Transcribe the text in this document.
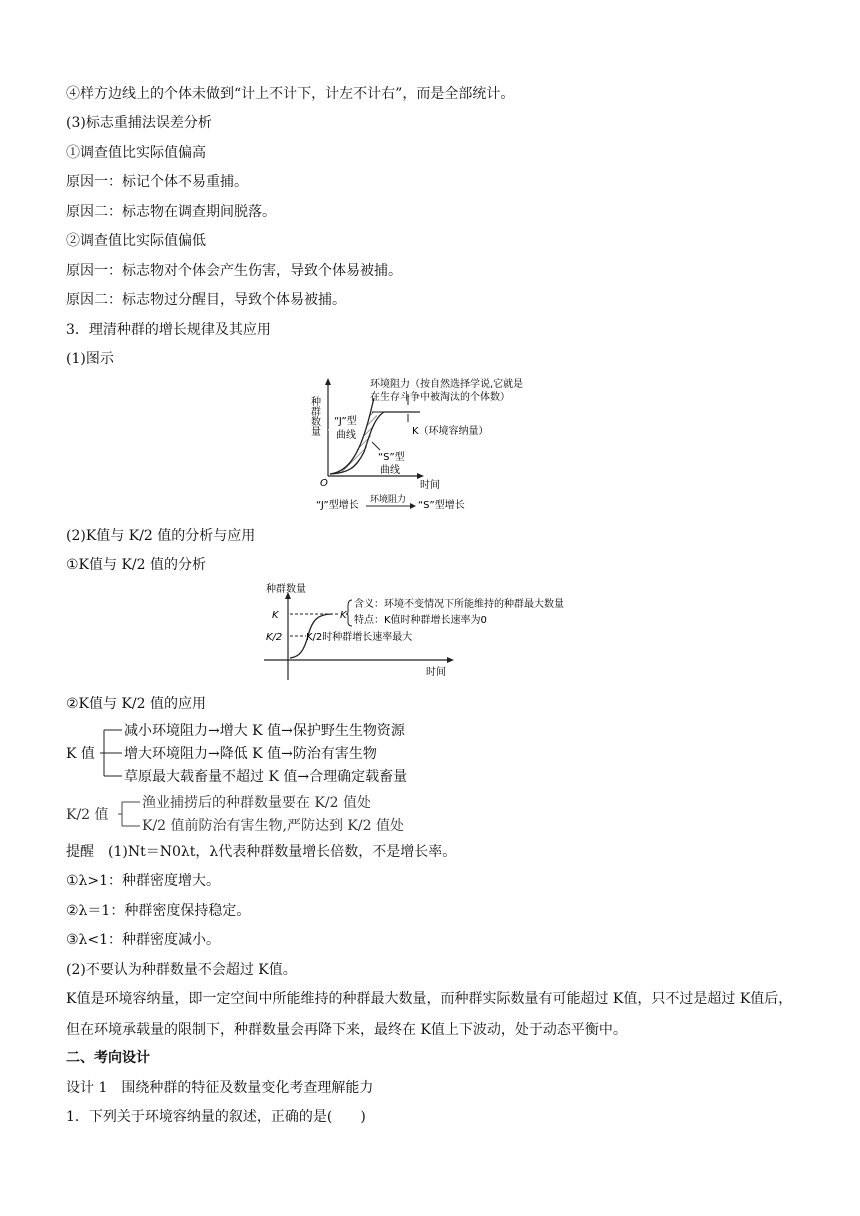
④样方边线上的个体未做到“计上不计下，计左不计右”，而是全部统计。
(3)标志重捕法误差分析
①调查值比实际值偏高
原因一：标记个体不易重捕。
原因二：标志物在调查期间脱落。
②调查值比实际值偏低
原因一：标志物对个体会产生伤害，导致个体易被捕。
原因二：标志物过分醒目，导致个体易被捕。
3．理清种群的增长规律及其应用
(1)图示
种群数量
环境阻力（按自然选择学说,它就是
在生存斗争中被淘汰的个体数）
“J”型
曲线	K（环境容纳量）
“S”型
曲线
O	时间
“J”型增长 环境阻力 “S”型增长
(2)K值与 K/2 值的分析与应用
①K值与 K/2 值的分析
种群数量
K
K/2
K
含义：环境不变情况下所能维持的种群最大数量
特点：K值时种群增长速率为0
K/2时种群增长速率最大
时间
②K值与 K/2 值的应用
K 值
减小环境阻力→增大 K 值→保护野生生物资源
增大环境阻力→降低 K 值→防治有害生物
草原最大载畜量不超过 K 值→合理确定载畜量
K/2 值
渔业捕捞后的种群数量要在 K/2 值处
K/2 值前防治有害生物,严防达到 K/2 值处
提醒　(1)Nt＝N0λt，λ代表种群数量增长倍数，不是增长率。
①λ>1：种群密度增大。
②λ＝1：种群密度保持稳定。
③λ<1：种群密度减小。
(2)不要认为种群数量不会超过 K值。
K值是环境容纳量，即一定空间中所能维持的种群最大数量，而种群实际数量有可能超过 K值，只不过是超过 K值后，但在环境承载量的限制下，种群数量会再降下来，最终在 K值上下波动，处于动态平衡中。
二、考向设计
设计 1　围绕种群的特征及数量变化考查理解能力
1．下列关于环境容纳量的叙述，正确的是(　　)
